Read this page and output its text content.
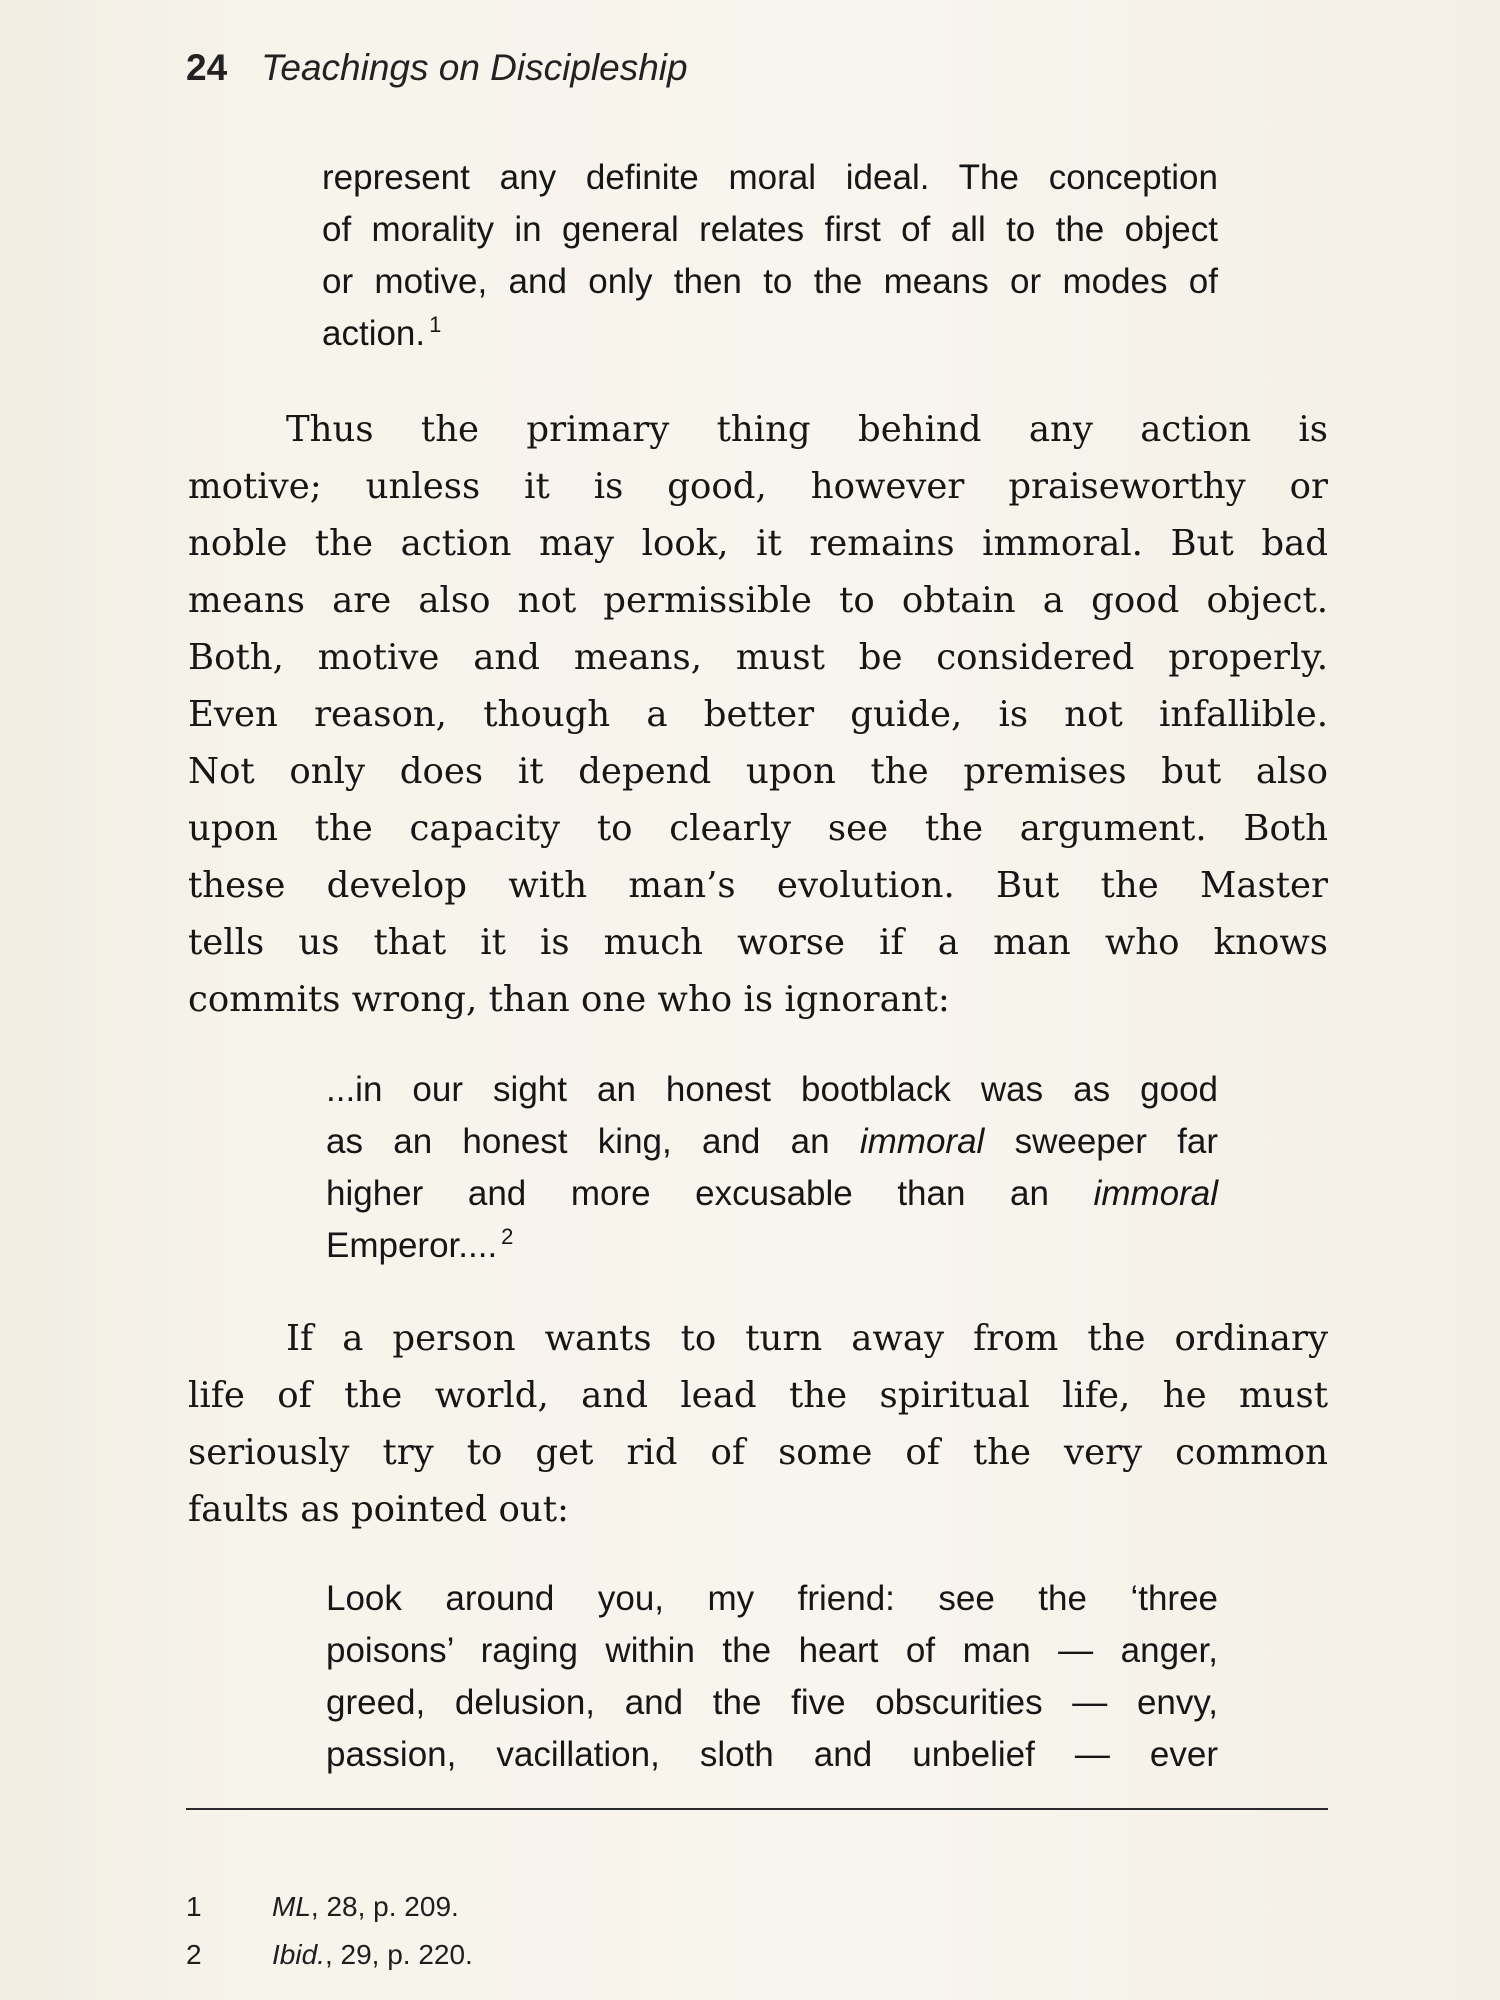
24 Teachings on Discipleship
represent any definite moral ideal. The conception
of morality in general relates first of all to the object
or motive, and only then to the means or modes of
action. $^1$
Thus the primary thing behind any action is
motive; unless it is good, however praiseworthy or
noble the action may look, it remains immoral. But bad
means are also not permissible to obtain a good object.
Both, motive and means, must be considered properly.
Even reason, though a better guide, is not infallible.
Not only does it depend upon the premises but also
upon the capacity to clearly see the argument. Both
these develop with man’s evolution. But the Master
tells us that it is much worse if a man who knows
commits wrong, than one who is ignorant:
...in our sight an honest bootblack was as good
as an honest king, and an immoral sweeper far
higher and more excusable than an immoral
Emperor.... $^2$
If a person wants to turn away from the ordinary
life of the world, and lead the spiritual life, he must
seriously try to get rid of some of the very common
faults as pointed out:
Look around you, my friend: see the ‘three
poisons’ raging within the heart of man — anger,
greed, delusion, and the five obscurities — envy,
passion, vacillation, sloth and unbelief — ever
1	ML, 28, p. 209.
2	Ibid., 29, p. 220.
